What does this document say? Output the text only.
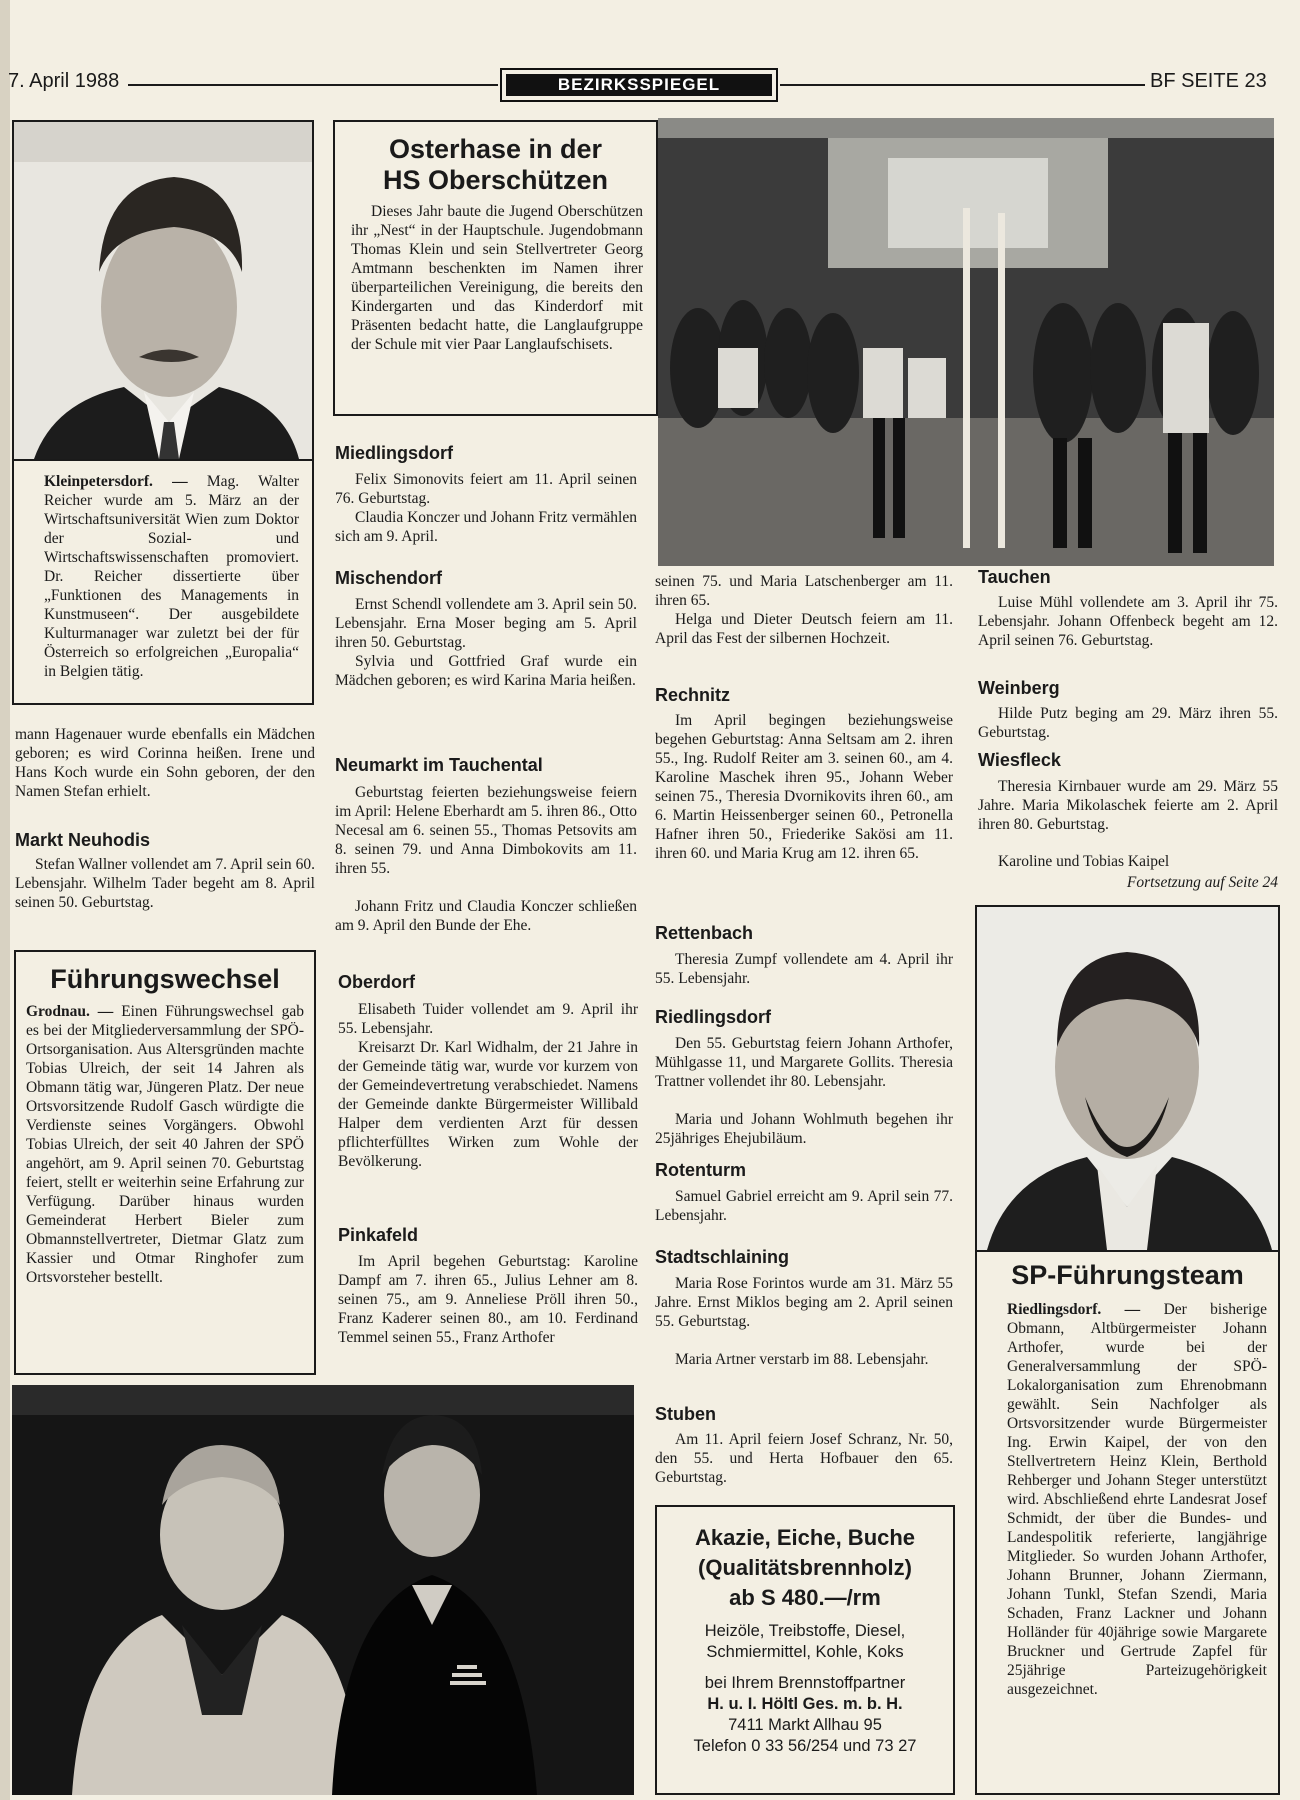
7. April 1988	BEZIRKSSPIEGEL	BF SEITE 23

Kleinpetersdorf. — Mag. Walter Reicher wurde am 5. März an der Wirtschaftsuniversität Wien zum Doktor der Sozial- und Wirtschaftswissenschaften promoviert. Dr. Reicher dissertierte über „Funktionen des Managements in Kunstmuseen“. Der ausgebildete Kulturmanager war zuletzt bei der für Österreich so erfolgreichen „Europalia“ in Belgien tätig.

mann Hagenauer wurde ebenfalls ein Mädchen geboren; es wird Corinna heißen. Irene und Hans Koch wurde ein Sohn geboren, der den Namen Stefan erhielt.

Markt Neuhodis

Stefan Wallner vollendet am 7. April sein 60. Lebensjahr. Wilhelm Tader begeht am 8. April seinen 50. Geburtstag.

Führungswechsel

Grodnau. — Einen Führungswechsel gab es bei der Mitgliederversammlung der SPÖ-Ortsorganisation. Aus Altersgründen machte Tobias Ulreich, der seit 14 Jahren als Obmann tätig war, Jüngeren Platz. Der neue Ortsvorsitzende Rudolf Gasch würdigte die Verdienste seines Vorgängers. Obwohl Tobias Ulreich, der seit 40 Jahren der SPÖ angehört, am 9. April seinen 70. Geburtstag feiert, stellt er weiterhin seine Erfahrung zur Verfügung. Darüber hinaus wurden Gemeinderat Herbert Bieler zum Obmannstellvertreter, Dietmar Glatz zum Kassier und Otmar Ringhofer zum Ortsvorsteher bestellt.

Osterhase in der
HS Oberschützen

Dieses Jahr baute die Jugend Oberschützen ihr „Nest“ in der Hauptschule. Jugendobmann Thomas Klein und sein Stellvertreter Georg Amtmann beschenkten im Namen ihrer überparteilichen Vereinigung, die bereits den Kindergarten und das Kinderdorf mit Präsenten bedacht hatte, die Langlaufgruppe der Schule mit vier Paar Langlaufschisets.

Miedlingsdorf

Felix Simonovits feiert am 11. April seinen 76. Geburtstag.

Claudia Konczer und Johann Fritz vermählen sich am 9. April.

Mischendorf

Ernst Schendl vollendete am 3. April sein 50. Lebensjahr. Erna Moser beging am 5. April ihren 50. Geburtstag.

Sylvia und Gottfried Graf wurde ein Mädchen geboren; es wird Karina Maria heißen.

Neumarkt im Tauchental

Geburtstag feierten beziehungsweise feiern im April: Helene Eberhardt am 5. ihren 86., Otto Necesal am 6. seinen 55., Thomas Petsovits am 8. seinen 79. und Anna Dimbokovits am 11. ihren 55.

Johann Fritz und Claudia Konczer schließen am 9. April den Bunde der Ehe.

Oberdorf

Elisabeth Tuider vollendet am 9. April ihr 55. Lebensjahr.

Kreisarzt Dr. Karl Widhalm, der 21 Jahre in der Gemeinde tätig war, wurde vor kurzem von der Gemeindevertretung verabschiedet. Namens der Gemeinde dankte Bürgermeister Willibald Halper dem verdienten Arzt für dessen pflichterfülltes Wirken zum Wohle der Bevölkerung.

Pinkafeld

Im April begehen Geburtstag: Karoline Dampf am 7. ihren 65., Julius Lehner am 8. seinen 75., am 9. Anneliese Pröll ihren 50., Franz Kaderer seinen 80., am 10. Ferdinand Temmel seinen 55., Franz Arthofer

seinen 75. und Maria Latschenberger am 11. ihren 65.

Helga und Dieter Deutsch feiern am 11. April das Fest der silbernen Hochzeit.

Rechnitz

Im April begingen beziehungsweise begehen Geburtstag: Anna Seltsam am 2. ihren 55., Ing. Rudolf Reiter am 3. seinen 60., am 4. Karoline Maschek ihren 95., Johann Weber seinen 75., Theresia Dvornikovits ihren 60., am 6. Martin Heissenberger seinen 60., Petronella Hafner ihren 50., Friederike Sakösi am 11. ihren 60. und Maria Krug am 12. ihren 65.

Rettenbach

Theresia Zumpf vollendete am 4. April ihr 55. Lebensjahr.

Riedlingsdorf

Den 55. Geburtstag feiern Johann Arthofer, Mühlgasse 11, und Margarete Gollits. Theresia Trattner vollendet ihr 80. Lebensjahr.

Maria und Johann Wohlmuth begehen ihr 25jähriges Ehejubiläum.

Rotenturm

Samuel Gabriel erreicht am 9. April sein 77. Lebensjahr.

Stadtschlaining

Maria Rose Forintos wurde am 31. März 55 Jahre. Ernst Miklos beging am 2. April seinen 55. Geburtstag.

Maria Artner verstarb im 88. Lebensjahr.

Stuben

Am 11. April feiern Josef Schranz, Nr. 50, den 55. und Herta Hofbauer den 65. Geburtstag.

Akazie, Eiche, Buche
(Qualitätsbrennholz)
ab S 480.—/rm
Heizöle, Treibstoffe, Diesel,
Schmiermittel, Kohle, Koks
bei Ihrem Brennstoffpartner
H. u. I. Höltl Ges. m. b. H.
7411 Markt Allhau 95
Telefon 0 33 56/254 und 73 27
Tauchen

Luise Mühl vollendete am 3. April ihr 75. Lebensjahr. Johann Offenbeck begeht am 12. April seinen 76. Geburtstag.

Weinberg

Hilde Putz beging am 29. März ihren 55. Geburtstag.

Wiesfleck

Theresia Kirnbauer wurde am 29. März 55 Jahre. Maria Mikolaschek feierte am 2. April ihren 80. Geburtstag.

Karoline und Tobias Kaipel

Fortsetzung auf Seite 24
SP-Führungsteam

Riedlingsdorf. — Der bisherige Obmann, Altbürgermeister Johann Arthofer, wurde bei der Generalversammlung der SPÖ-Lokalorganisation zum Ehrenobmann gewählt. Sein Nachfolger als Ortsvorsitzender wurde Bürgermeister Ing. Erwin Kaipel, der von den Stellvertretern Heinz Klein, Berthold Rehberger und Johann Steger unterstützt wird. Abschließend ehrte Landesrat Josef Schmidt, der über die Bundes- und Landespolitik referierte, langjährige Mitglieder. So wurden Johann Arthofer, Johann Brunner, Johann Ziermann, Johann Tunkl, Stefan Szendi, Maria Schaden, Franz Lackner und Johann Holländer für 40jährige sowie Margarete Bruckner und Gertrude Zapfel für 25jährige Parteizugehörigkeit ausgezeichnet.
